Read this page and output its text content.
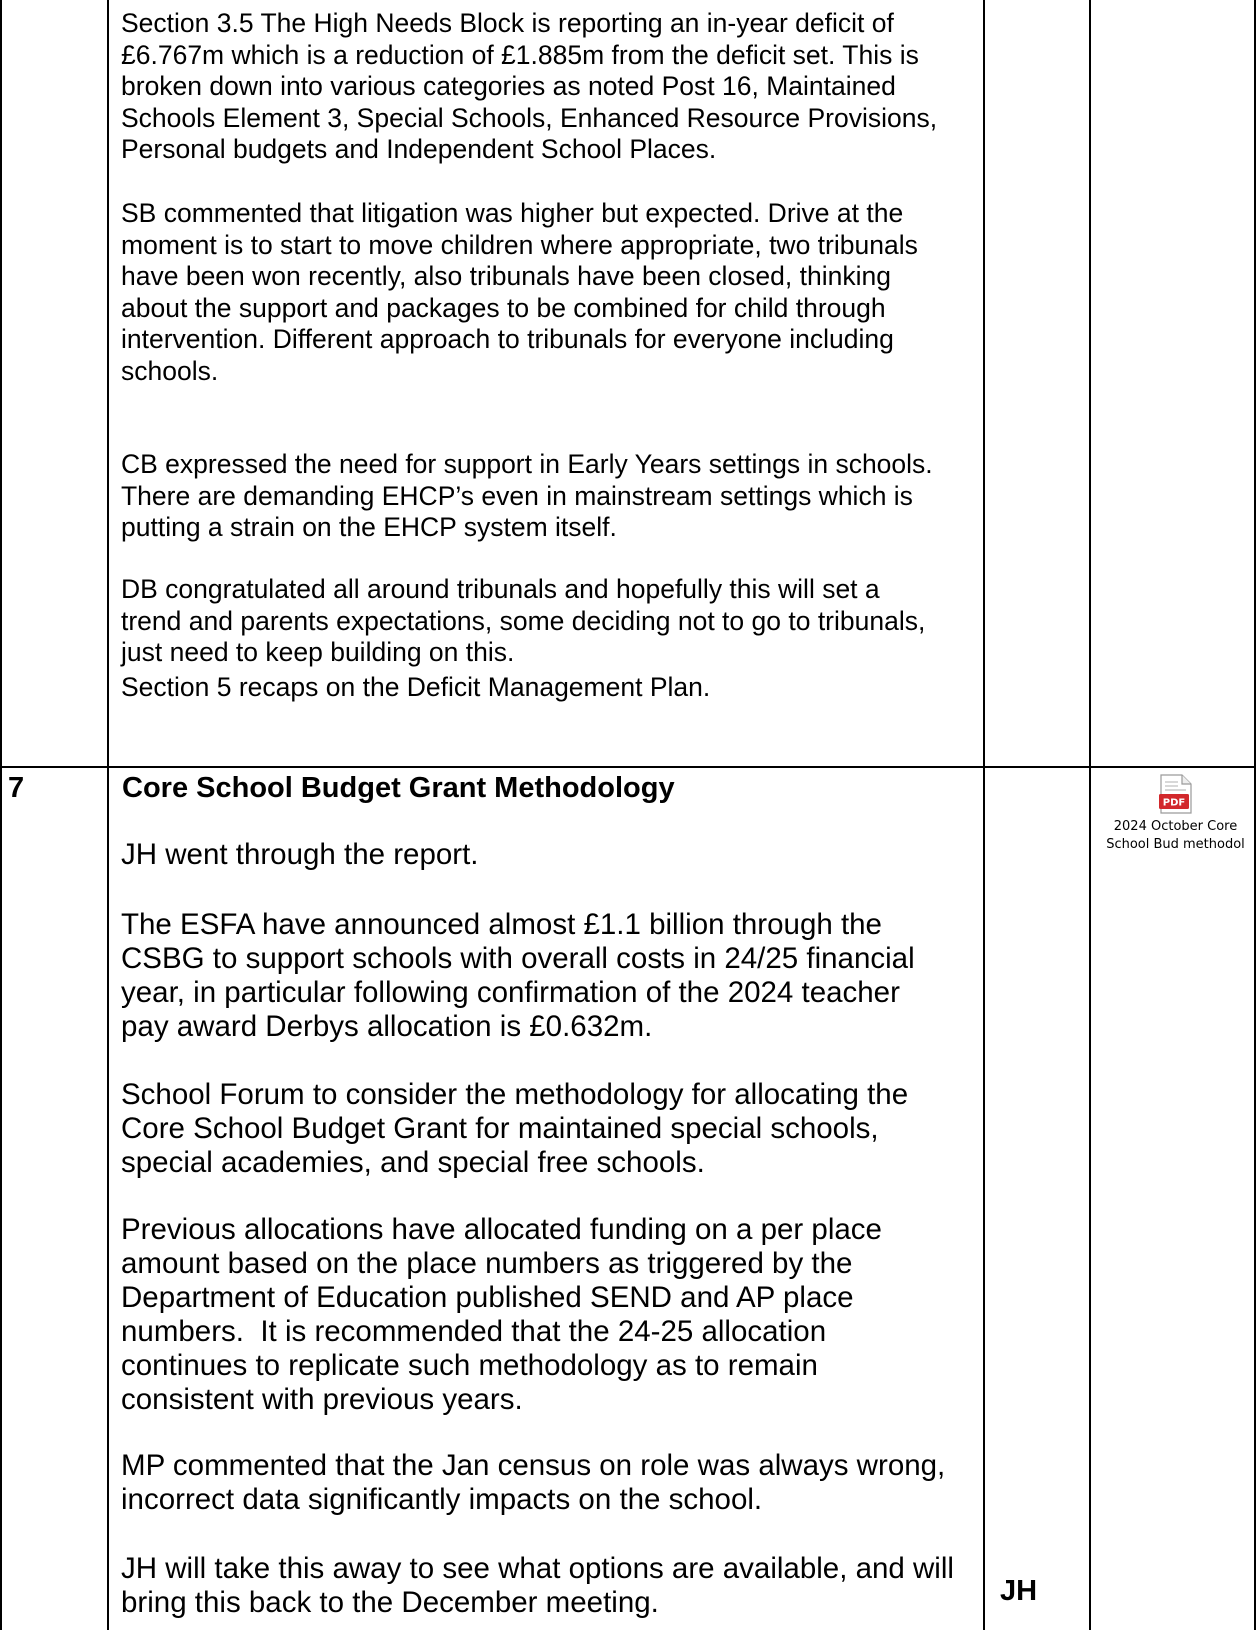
Section 3.5 The High Needs Block is reporting an in-year deficit of
£6.767m which is a reduction of £1.885m from the deficit set. This is
broken down into various categories as noted Post 16, Maintained
Schools Element 3, Special Schools, Enhanced Resource Provisions,
Personal budgets and Independent School Places.

SB commented that litigation was higher but expected. Drive at the
moment is to start to move children where appropriate, two tribunals
have been won recently, also tribunals have been closed, thinking
about the support and packages to be combined for child through
intervention. Different approach to tribunals for everyone including
schools.

CB expressed the need for support in Early Years settings in schools.
There are demanding EHCP’s even in mainstream settings which is
putting a strain on the EHCP system itself.

DB congratulated all around tribunals and hopefully this will set a
trend and parents expectations, some deciding not to go to tribunals,
just need to keep building on this.

Section 5 recaps on the Deficit Management Plan.

7	Core School Budget Grant Methodology

JH went through the report.

The ESFA have announced almost £1.1 billion through the
CSBG to support schools with overall costs in 24/25 financial
year, in particular following confirmation of the 2024 teacher
pay award Derbys allocation is £0.632m.

School Forum to consider the methodology for allocating the
Core School Budget Grant for maintained special schools,
special academies, and special free schools.

Previous allocations have allocated funding on a per place
amount based on the place numbers as triggered by the
Department of Education published SEND and AP place
numbers.  It is recommended that the 24-25 allocation
continues to replicate such methodology as to remain
consistent with previous years.

MP commented that the Jan census on role was always wrong,
incorrect data significantly impacts on the school.

JH will take this away to see what options are available, and will
bring this back to the December meeting.	JH
PDF
2024 October Core
School Bud methodol
